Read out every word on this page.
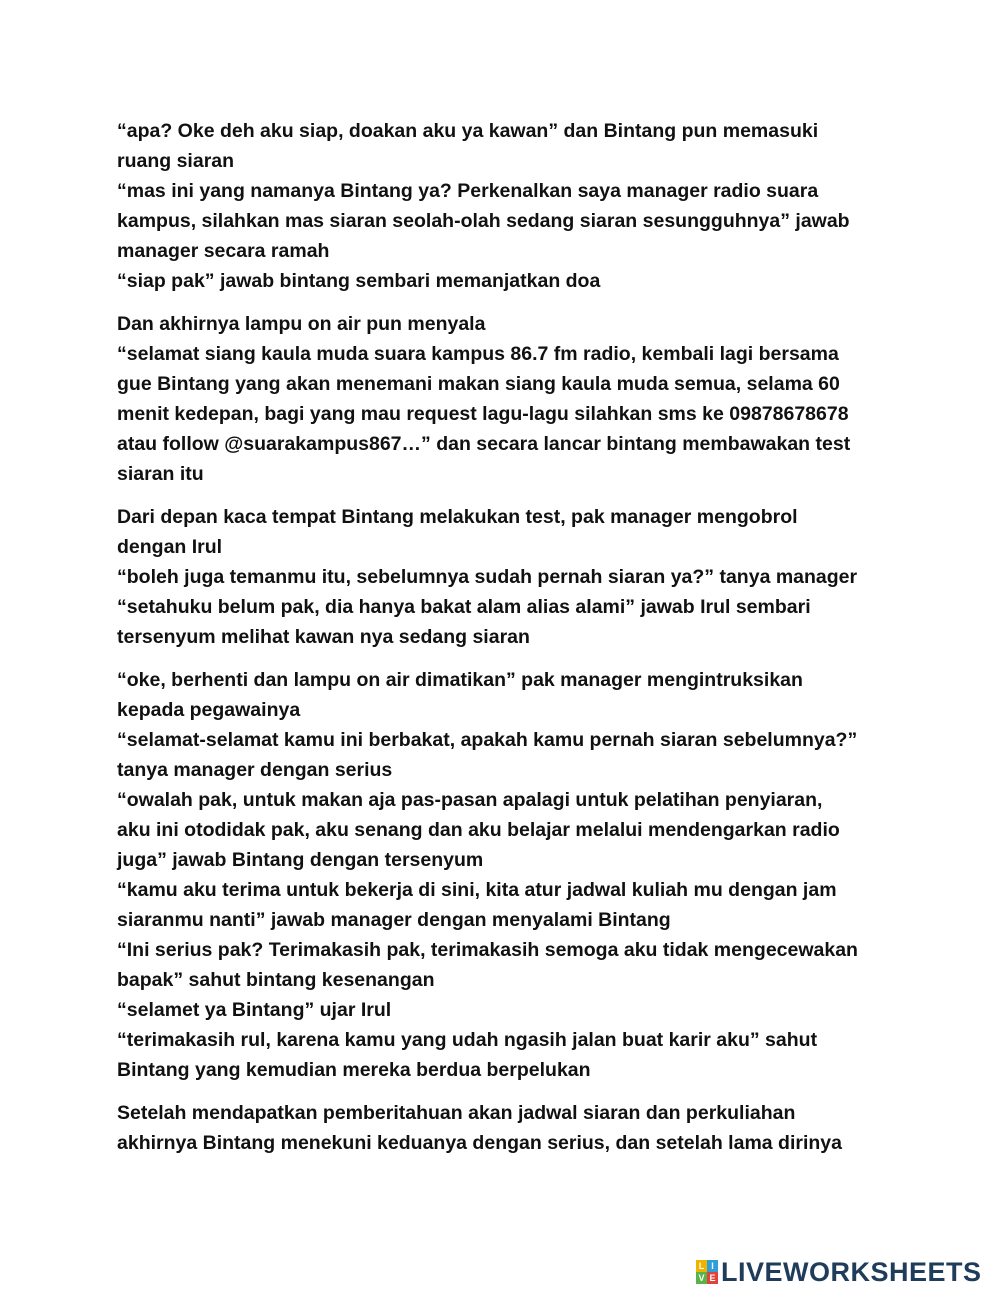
“apa? Oke deh aku siap, doakan aku ya kawan” dan Bintang pun memasuki
ruang siaran
“mas ini yang namanya Bintang ya? Perkenalkan saya manager radio suara
kampus, silahkan mas siaran seolah-olah sedang siaran sesungguhnya” jawab
manager secara ramah
“siap pak” jawab bintang sembari memanjatkan doa
Dan akhirnya lampu on air pun menyala
“selamat siang kaula muda suara kampus 86.7 fm radio, kembali lagi bersama
gue Bintang yang akan menemani makan siang kaula muda semua, selama 60
menit kedepan, bagi yang mau request lagu-lagu silahkan sms ke 09878678678
atau follow @suarakampus867…” dan secara lancar bintang membawakan test
siaran itu
Dari depan kaca tempat Bintang melakukan test, pak manager mengobrol
dengan Irul
“boleh juga temanmu itu, sebelumnya sudah pernah siaran ya?” tanya manager
“setahuku belum pak, dia hanya bakat alam alias alami” jawab Irul sembari
tersenyum melihat kawan nya sedang siaran
“oke, berhenti dan lampu on air dimatikan” pak manager mengintruksikan
kepada pegawainya
“selamat-selamat kamu ini berbakat, apakah kamu pernah siaran sebelumnya?”
tanya manager dengan serius
“owalah pak, untuk makan aja pas-pasan apalagi untuk pelatihan penyiaran,
aku ini otodidak pak, aku senang dan aku belajar melalui mendengarkan radio
juga” jawab Bintang dengan tersenyum
“kamu aku terima untuk bekerja di sini, kita atur jadwal kuliah mu dengan jam
siaranmu nanti” jawab manager dengan menyalami Bintang
“Ini serius pak? Terimakasih pak, terimakasih semoga aku tidak mengecewakan
bapak” sahut bintang kesenangan
“selamet ya Bintang” ujar Irul
“terimakasih rul, karena kamu yang udah ngasih jalan buat karir aku” sahut
Bintang yang kemudian mereka berdua berpelukan
Setelah mendapatkan pemberitahuan akan jadwal siaran dan perkuliahan
akhirnya Bintang menekuni keduanya dengan serius, dan setelah lama dirinya
L I
V E LIVEWORKSHEETS
